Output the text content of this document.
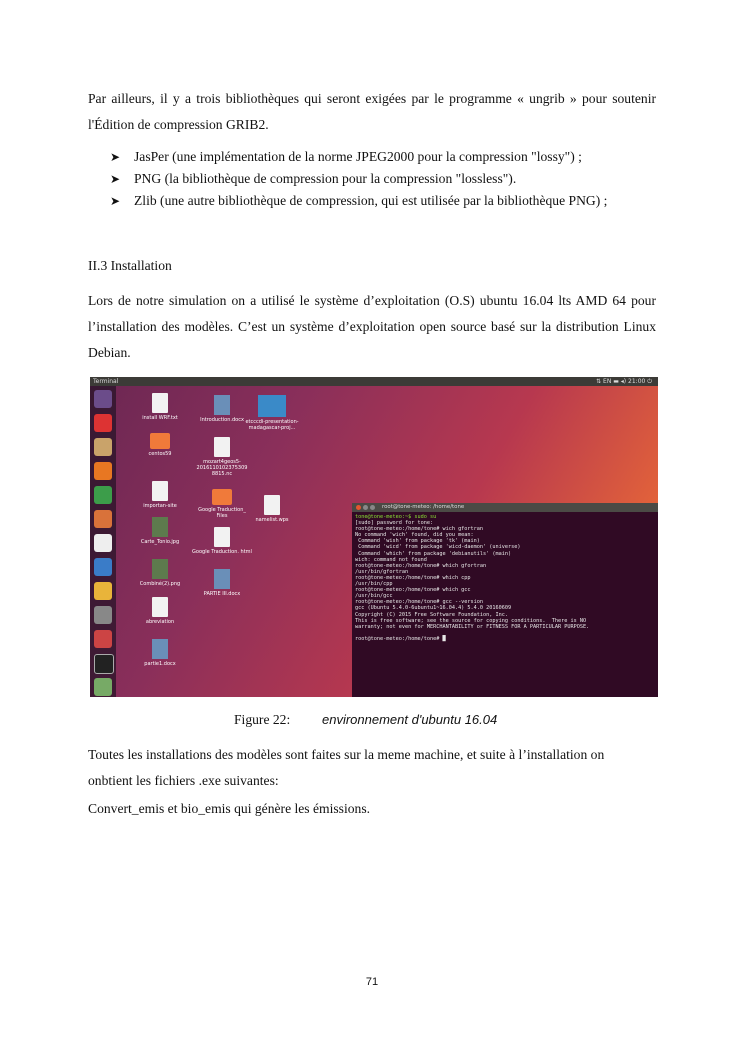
Par ailleurs, il y a trois bibliothèques qui seront exigées par le programme « ungrib » pour soutenir l'Édition de compression GRIB2.

➤ JasPer (une implémentation de la norme JPEG2000 pour la compression "lossy") ;
➤ PNG (la bibliothèque de compression pour la compression "lossless").
➤ Zlib (une autre bibliothèque de compression, qui est utilisée par la bibliothèque PNG) ;
II.3 Installation

Lors de notre simulation on a utilisé le système d’exploitation (O.S) ubuntu 16.04 lts AMD 64 pour l’installation des modèles. C’est un système d’exploitation open source basé sur la distribution Linux Debian.

Terminal	⇅ EN ▬ ◂) 21:00 ⏻
install WRF.txt	Introduction.docx etcccdi-presentation-madagascar-proj...
centos59
mozart4geos5-2016110102375309 8815.nc
importan-site
Google Traduction_ Files
namelist.wps
Carte_Tonio.jpg
Google Traduction. html
Combiné(2).png
PARTIE III.docx
abreviation
partie1.docx
root@tone-meteo: /home/tone
tone@tone-meteo:~$ sudo su
[sudo] password for tone:
root@tone-meteo:/home/tone# wich gfortran
No command 'wich' found, did you mean:
Command 'wish' from package 'tk' (main)
Command 'wicd' from package 'wicd-daemon' (universe)
Command 'which' from package 'debianutils' (main)
wich: command not found
root@tone-meteo:/home/tone# which gfortran
/usr/bin/gfortran
root@tone-meteo:/home/tone# which cpp
/usr/bin/cpp
root@tone-meteo:/home/tone# which gcc
/usr/bin/gcc
root@tone-meteo:/home/tone# gcc --version
gcc (Ubuntu 5.4.0-6ubuntu1~16.04.4) 5.4.0 20160609
Copyright (C) 2015 Free Software Foundation, Inc.
This is free software; see the source for copying conditions.  There is NO
warranty; not even for MERCHANTABILITY or FITNESS FOR A PARTICULAR PURPOSE.

root@tone-meteo:/home/tone# █
Figure 22: environnement d'ubuntu 16.04

Toutes les installations des modèles sont faites sur la meme machine, et suite à l’installation on onbtient les fichiers .exe suivantes:

Convert_emis et bio_emis qui génère les émissions.

71
